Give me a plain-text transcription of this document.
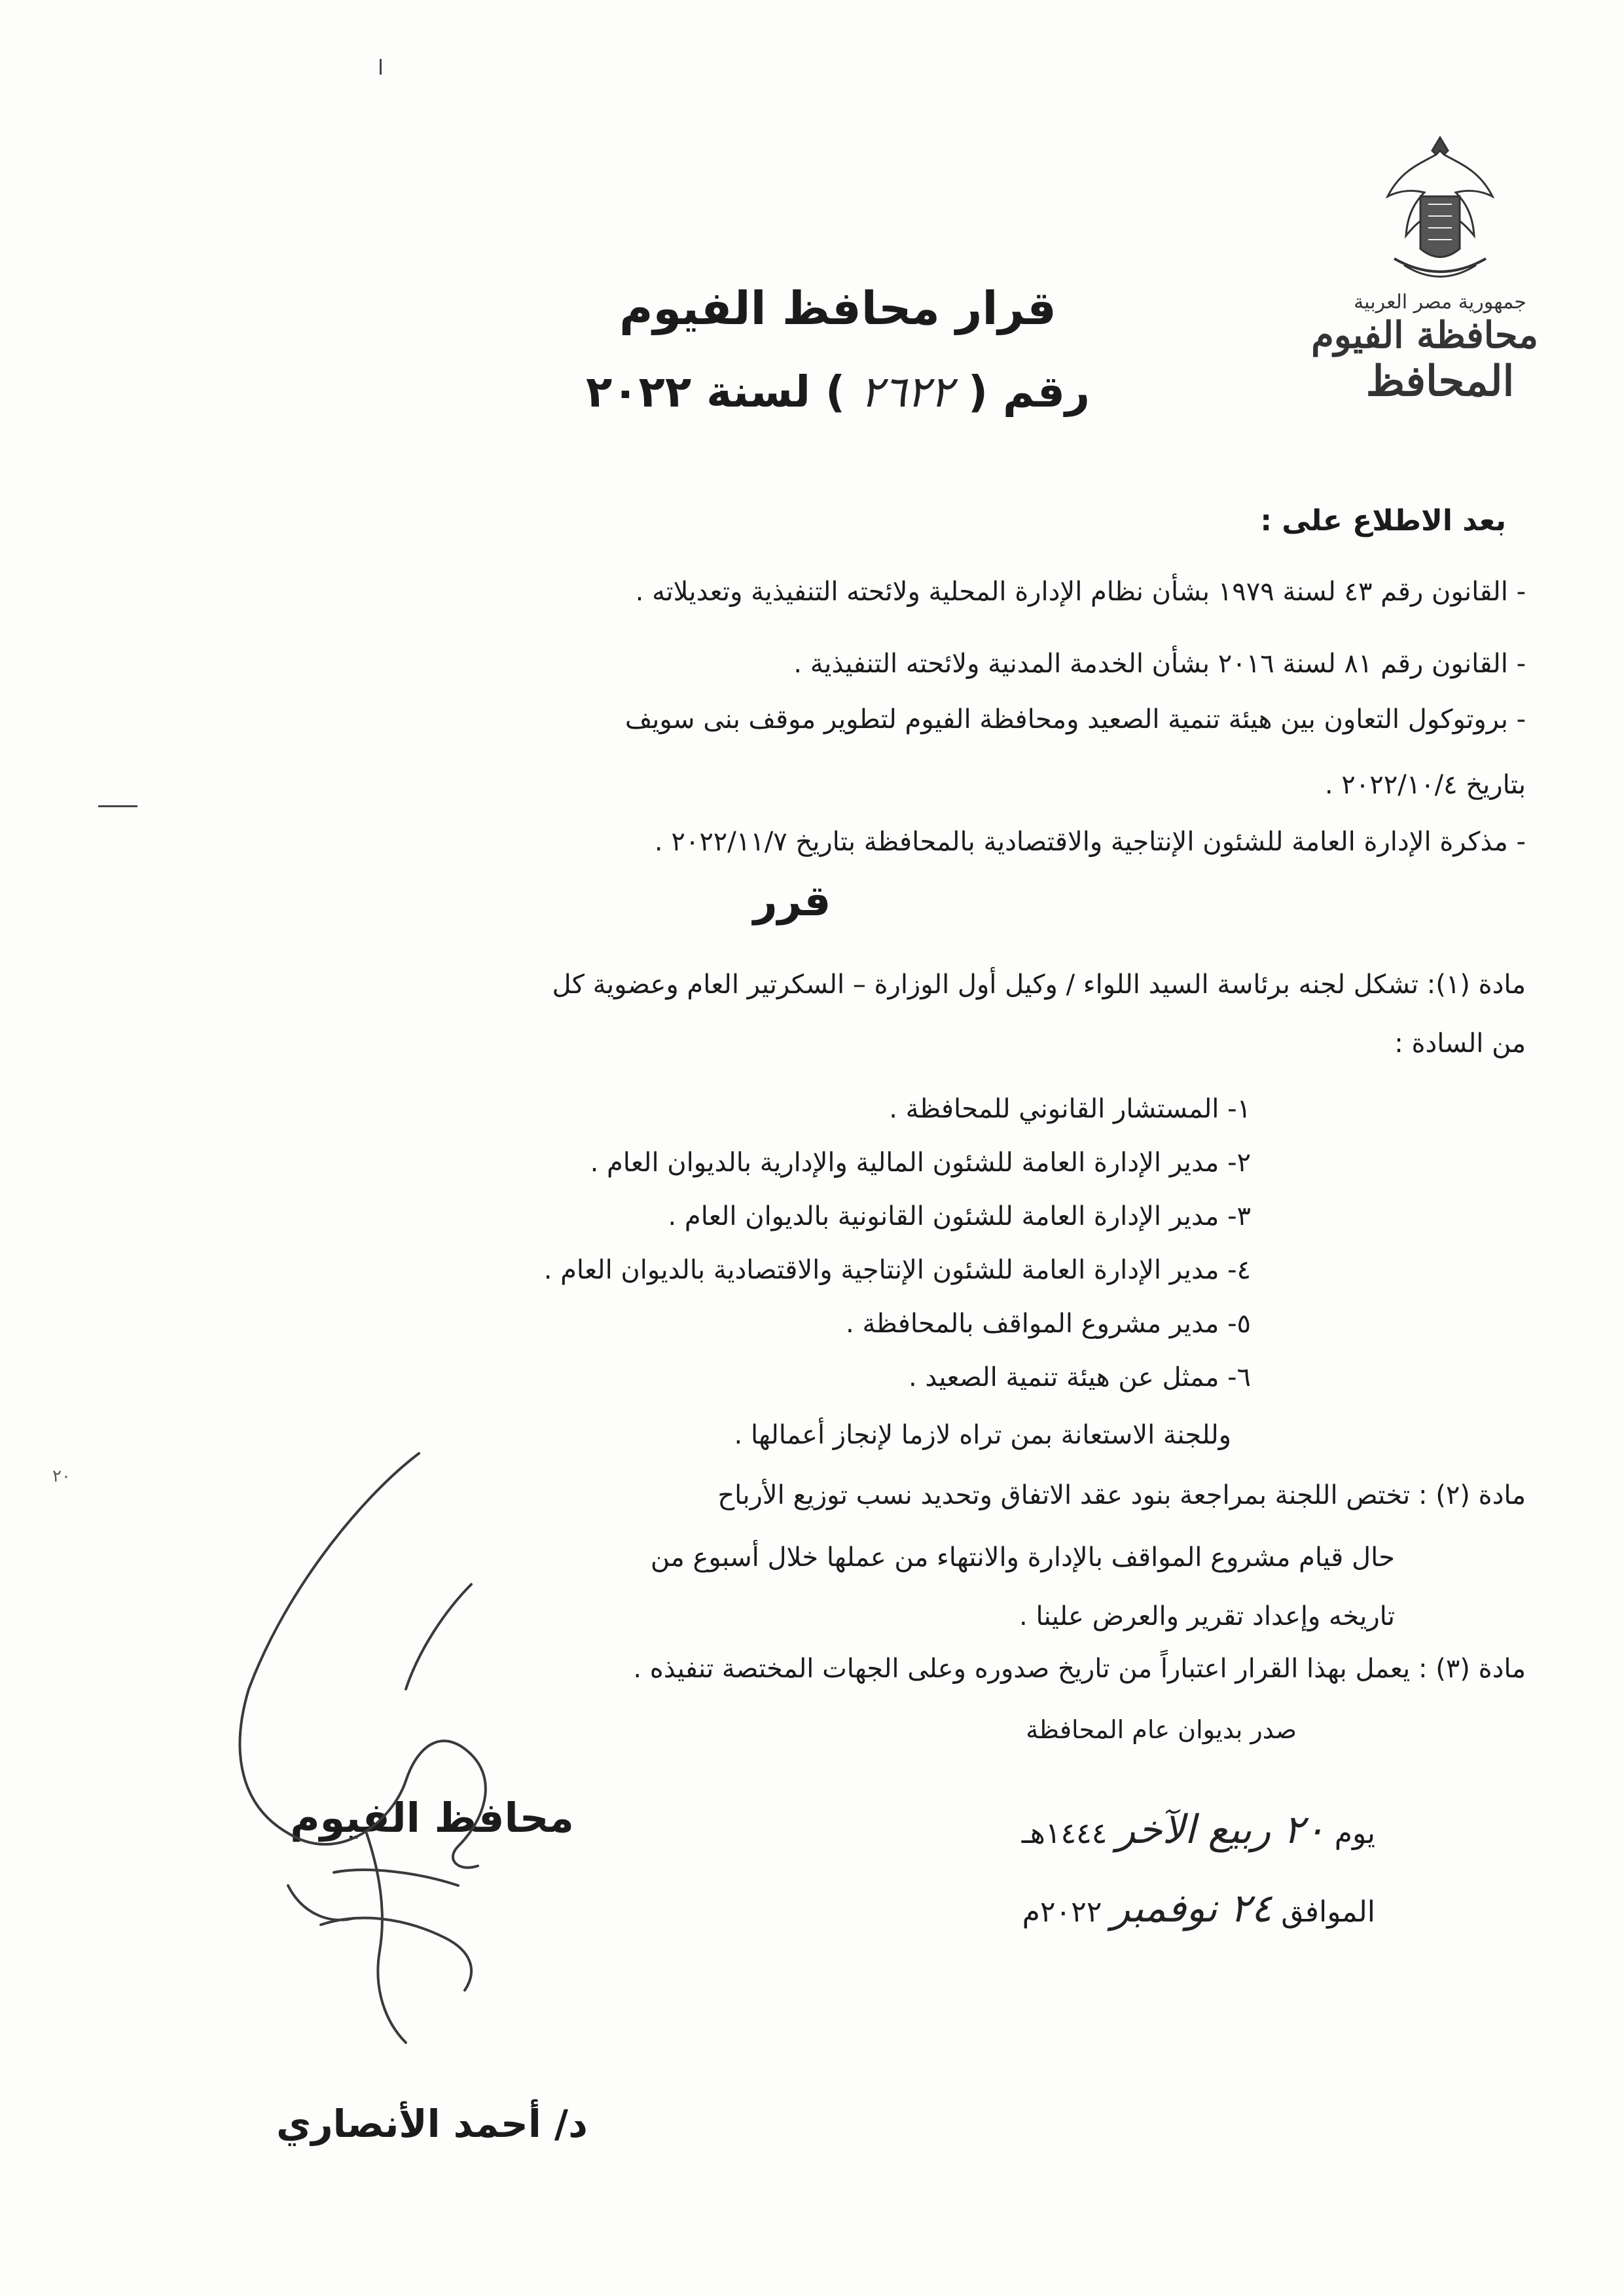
جمهورية مصر العربية
محافظة الفيوم
المحافظ
قرار محافظ الفيوم
رقم ( ٢٦٢٢ ) لسنة ٢٠٢٢
بعد الاطلاع على :
- القانون رقم ٤٣ لسنة ١٩٧٩ بشأن نظام الإدارة المحلية ولائحته التنفيذية وتعديلاته .
- القانون رقم ٨١ لسنة ٢٠١٦ بشأن الخدمة المدنية ولائحته التنفيذية .
- بروتوكول التعاون بين هيئة تنمية الصعيد ومحافظة الفيوم لتطوير موقف بنى سويف
بتاريخ ٢٠٢٢/١٠/٤ .
- مذكرة الإدارة العامة للشئون الإنتاجية والاقتصادية بالمحافظة بتاريخ ٢٠٢٢/١١/٧ .
قرر
مادة (١): تشكل لجنه برئاسة السيد اللواء / وكيل أول الوزارة – السكرتير العام وعضوية كل
من السادة :
١- المستشار القانوني للمحافظة .
٢- مدير الإدارة العامة للشئون المالية والإدارية بالديوان العام .
٣- مدير الإدارة العامة للشئون القانونية بالديوان العام .
٤- مدير الإدارة العامة للشئون الإنتاجية والاقتصادية بالديوان العام .
٥- مدير مشروع المواقف بالمحافظة .
٦- ممثل عن هيئة تنمية الصعيد .
وللجنة الاستعانة بمن تراه لازما لإنجاز أعمالها .
مادة (٢) : تختص اللجنة بمراجعة بنود عقد الاتفاق وتحديد نسب توزيع الأرباح
حال قيام مشروع المواقف بالإدارة والانتهاء من عملها خلال أسبوع من
تاريخه وإعداد تقرير والعرض علينا .
مادة (٣) : يعمل بهذا القرار اعتباراً من تاريخ صدوره وعلى الجهات المختصة تنفيذه .
صدر بديوان عام المحافظة
يوم ٢٠ ربيع الآخر ١٤٤٤هـ
الموافق ٢٤ نوفمبر ٢٠٢٢م
محافظ الفيوم
د/ أحمد الأنصاري
٢٠
